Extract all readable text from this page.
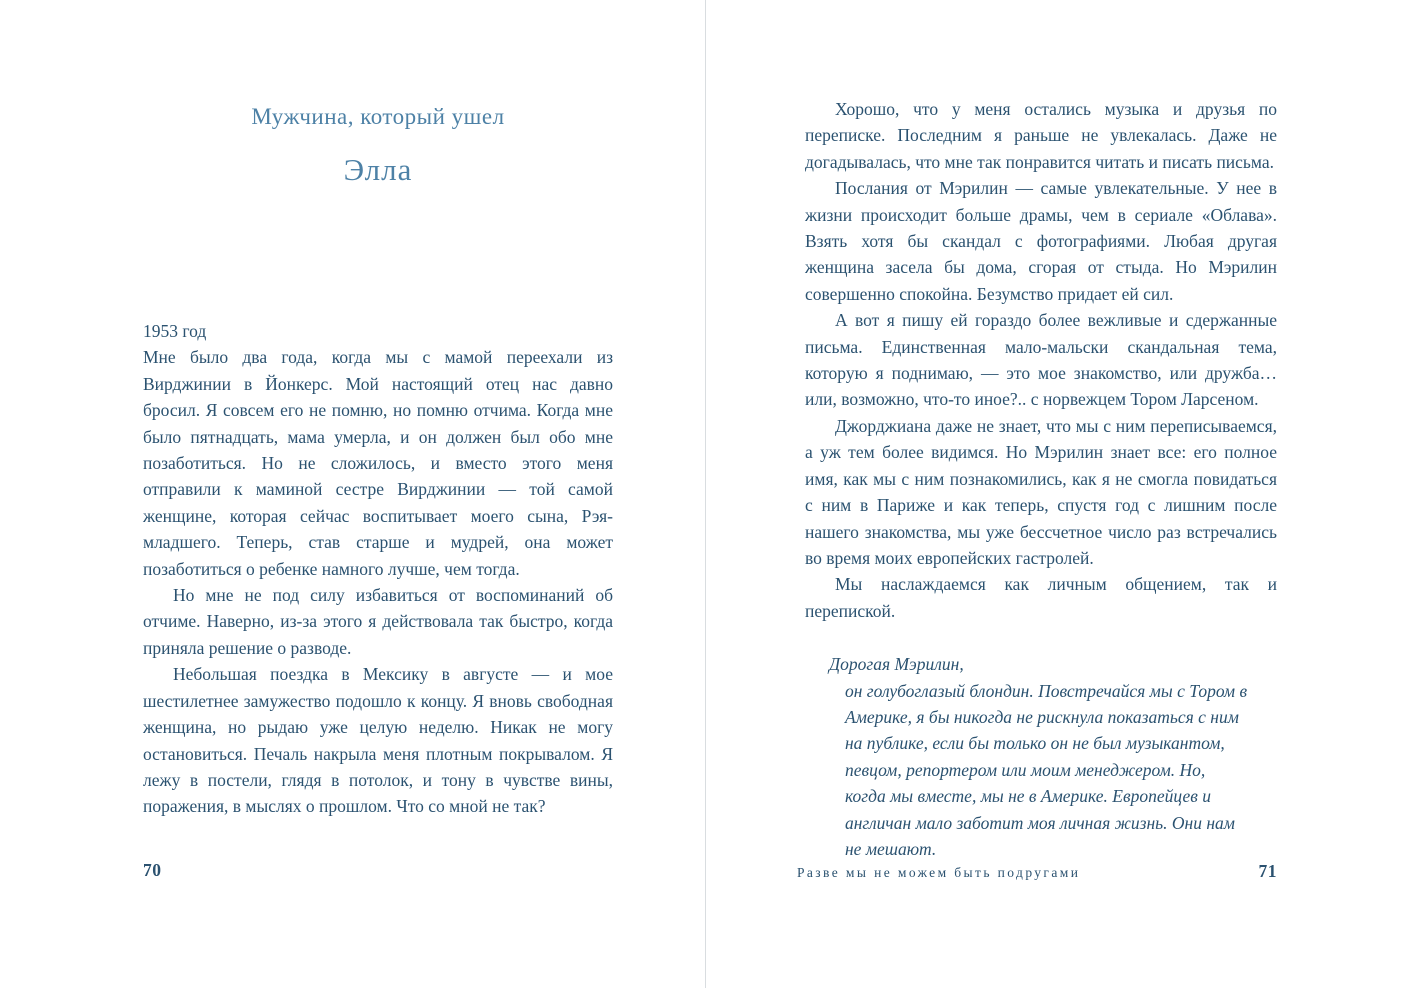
Мужчина, который ушел
Элла

1953 год

Мне было два года, когда мы с мамой переехали из Вирджинии в Йонкерс. Мой настоящий отец нас давно бросил. Я совсем его не помню, но помню отчима. Когда мне было пятнадцать, мама умерла, и он должен был обо мне позаботиться. Но не сложилось, и вместо этого меня отправили к маминой сестре Вирджинии — той самой женщине, которая сейчас воспитывает моего сына, Рэя-младшего. Теперь, став старше и мудрей, она может позаботиться о ребенке намного лучше, чем тогда.

Но мне не под силу избавиться от воспоминаний об отчиме. Наверно, из-за этого я действовала так быстро, когда приняла решение о разводе.

Небольшая поездка в Мексику в августе — и мое шестилетнее замужество подошло к концу. Я вновь свободная женщина, но рыдаю уже целую неделю. Никак не могу остановиться. Печаль накрыла меня плотным покрывалом. Я лежу в постели, глядя в потолок, и тону в чувстве вины, поражения, в мыслях о прошлом. Что со мной не так?

70

Хорошо, что у меня остались музыка и друзья по переписке. Последним я раньше не увлекалась. Даже не догадывалась, что мне так понравится читать и писать письма.

Послания от Мэрилин — самые увлекательные. У нее в жизни происходит больше драмы, чем в сериале «Облава». Взять хотя бы скандал с фотографиями. Любая другая женщина засела бы дома, сгорая от стыда. Но Мэрилин совершенно спокойна. Безумство придает ей сил.

А вот я пишу ей гораздо более вежливые и сдержанные письма. Единственная мало-мальски скандальная тема, которую я поднимаю, — это мое знакомство, или дружба… или, возможно, что-то иное?.. с норвежцем Тором Ларсеном.

Джорджиана даже не знает, что мы с ним переписываемся, а уж тем более видимся. Но Мэрилин знает все: его полное имя, как мы с ним познакомились, как я не смогла повидаться с ним в Париже и как теперь, спустя год с лишним после нашего знакомства, мы уже бессчетное число раз встречались во время моих европейских гастролей.

Мы наслаждаемся как личным общением, так и перепиской.

Дорогая Мэрилин,

он голубоглазый блондин. Повстречайся мы с Тором в Америке, я бы никогда не рискнула показаться с ним на публике, если бы только он не был музыкантом, певцом, репортером или моим менеджером. Но, когда мы вместе, мы не в Америке. Европейцев и англичан мало заботит моя личная жизнь. Они нам не мешают.

Разве мы не можем быть подругами	71
